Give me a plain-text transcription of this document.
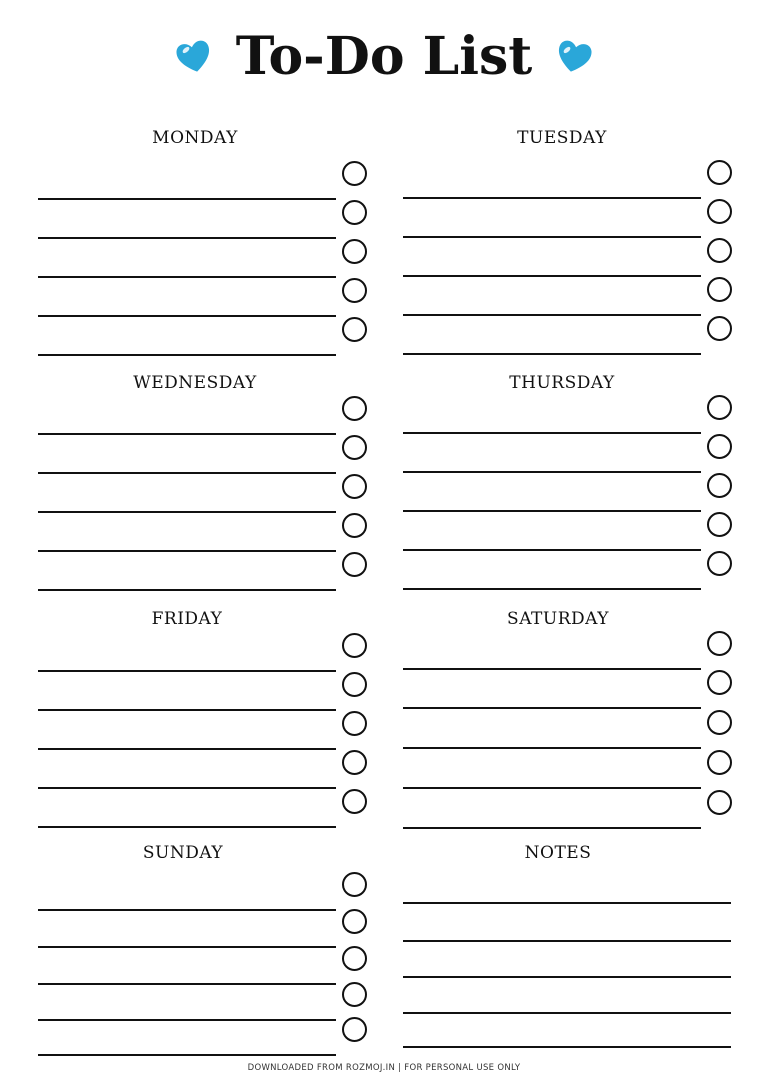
To-Do List
MONDAY	TUESDAY
WEDNESDAY	THURSDAY
FRIDAY	SATURDAY
SUNDAY	NOTES
DOWNLOADED FROM ROZMOJ.IN | FOR PERSONAL USE ONLY
